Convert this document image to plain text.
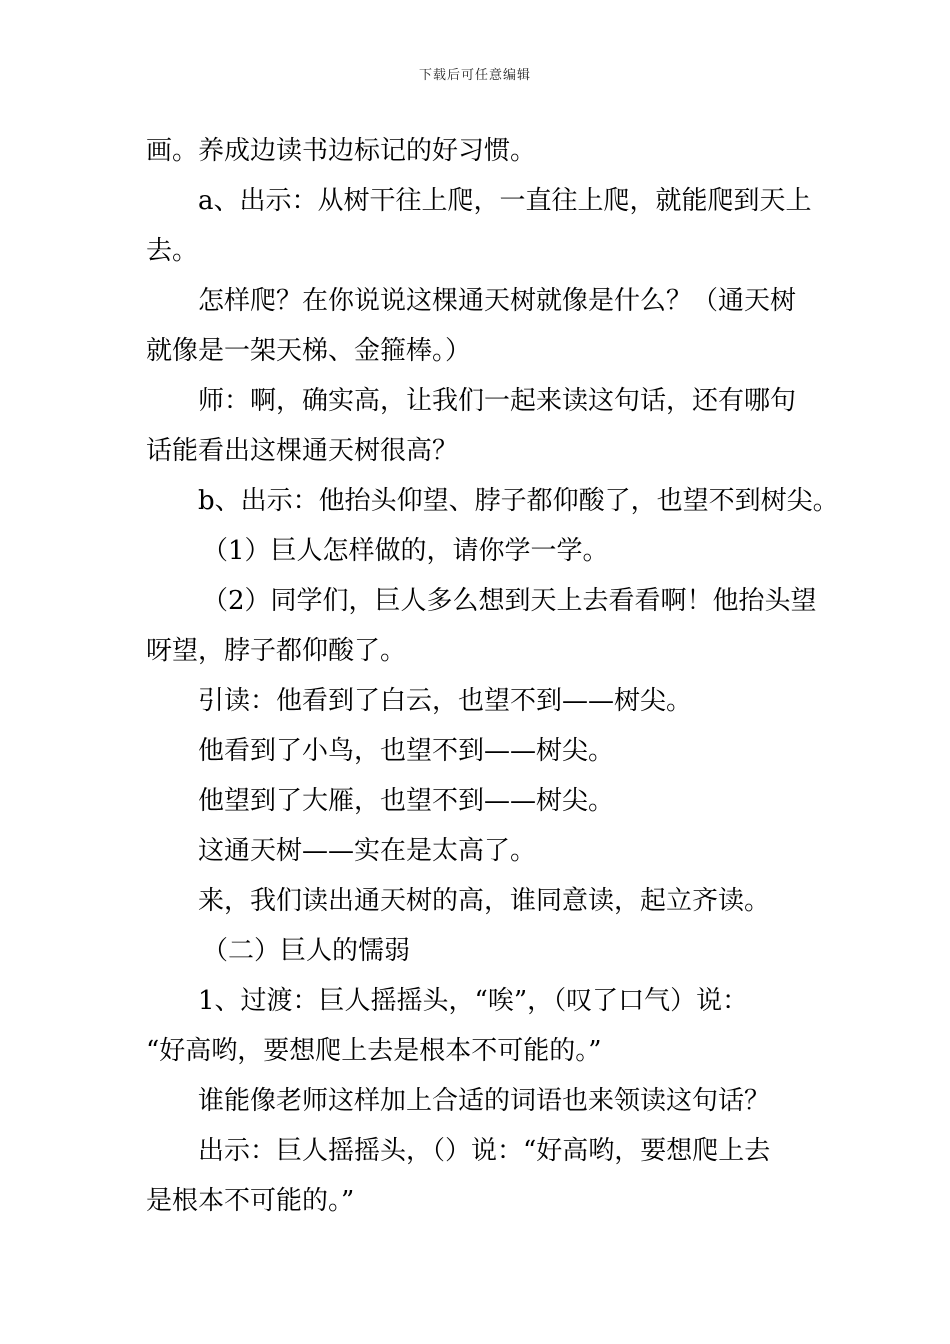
下载后可任意编辑

画。养成边读书边标记的好习惯。

a、出示：从树干往上爬，一直往上爬，就能爬到天上

去。

怎样爬？在你说说这棵通天树就像是什么？（通天树

就像是一架天梯、金箍棒。）

师：啊，确实高，让我们一起来读这句话，还有哪句

话能看出这棵通天树很高？

b、出示：他抬头仰望、脖子都仰酸了，也望不到树尖。

（1）巨人怎样做的，请你学一学。

（2）同学们，巨人多么想到天上去看看啊！他抬头望

呀望，脖子都仰酸了。

引读：他看到了白云，也望不到——树尖。

他看到了小鸟，也望不到——树尖。

他望到了大雁，也望不到——树尖。

这通天树——实在是太高了。

来，我们读出通天树的高，谁同意读，起立齐读。

（二）巨人的懦弱

1、过渡：巨人摇摇头，“唉”，（叹了口气）说：

“好高哟，要想爬上去是根本不可能的。”

谁能像老师这样加上合适的词语也来领读这句话？

出示：巨人摇摇头，（）说：“好高哟，要想爬上去

是根本不可能的。”
